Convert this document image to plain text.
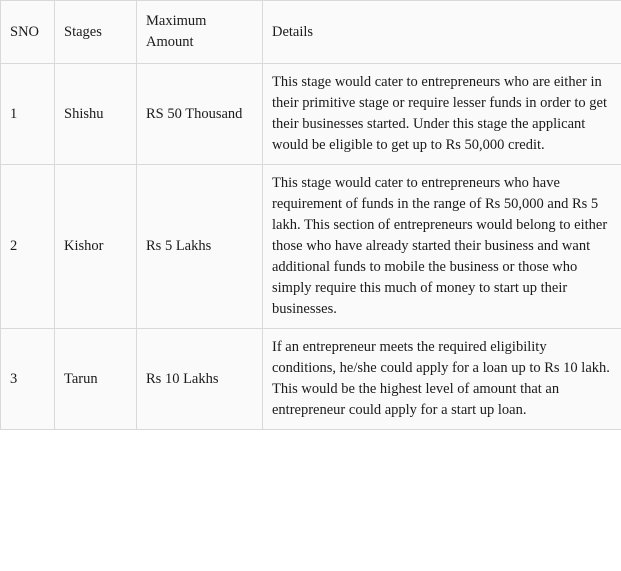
SNO	Stages	Maximum Amount	Details
1	Shishu	RS 50 Thousand	This stage would cater to entrepreneurs who are either in their primitive stage or require lesser funds in order to get their businesses started. Under this stage the applicant would be eligible to get up to Rs 50,000 credit.
2	Kishor	Rs 5 Lakhs	This stage would cater to entrepreneurs who have requirement of funds in the range of Rs 50,000 and Rs 5 lakh. This section of entrepreneurs would belong to either those who have already started their business and want additional funds to mobile the business or those who simply require this much of money to start up their businesses.
3	Tarun	Rs 10 Lakhs	If an entrepreneur meets the required eligibility conditions, he/she could apply for a loan up to Rs 10 lakh. This would be the highest level of amount that an entrepreneur could apply for a start up loan.
